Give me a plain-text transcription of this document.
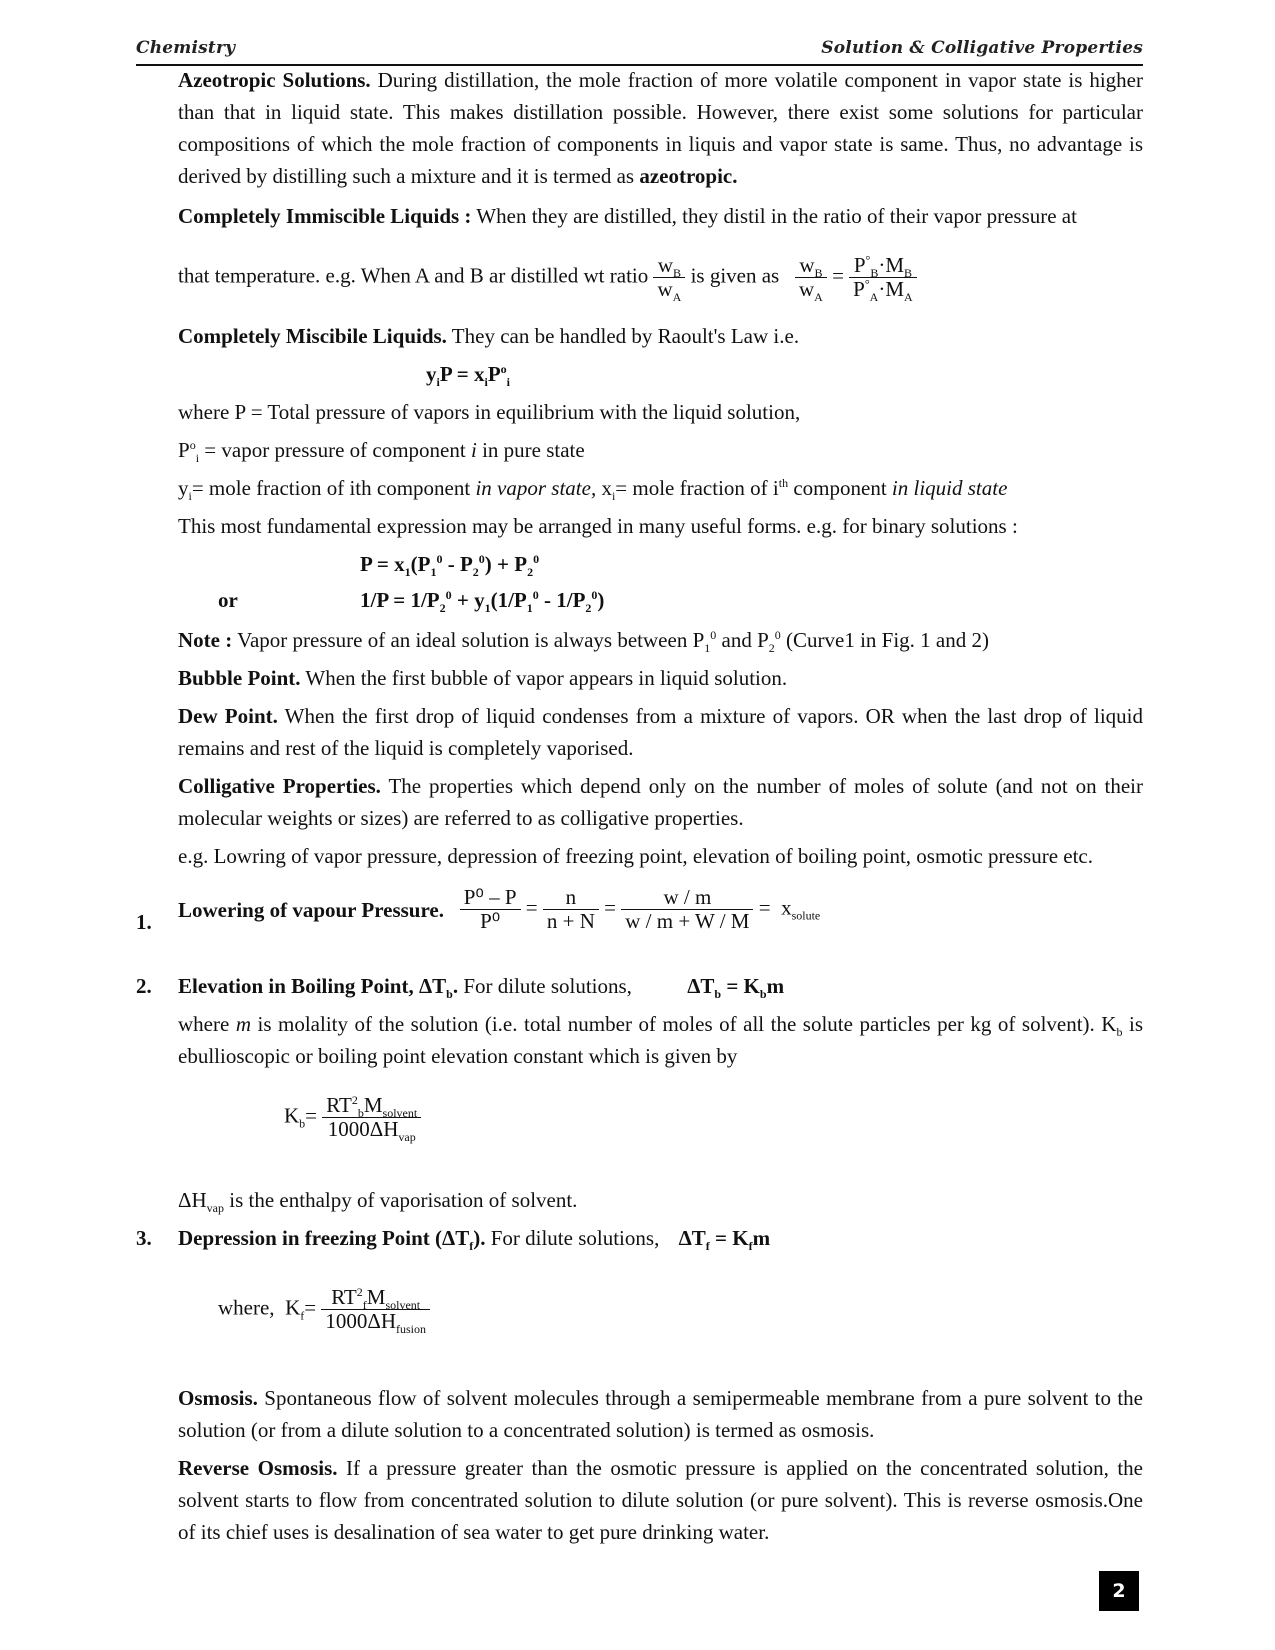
Chemistry	Solution & Colligative Properties
Azeotropic Solutions. During distillation, the mole fraction of more volatile component in vapor state is higher than that in liquid state. This makes distillation possible. However, there exist some solutions for particular compositions of which the mole fraction of components in liquis and vapor state is same. Thus, no advantage is derived by distilling such a mixture and it is termed as azeotropic.
Completely Immiscible Liquids : When they are distilled, they distil in the ratio of their vapor pressure at
that temperature. e.g. When A and B ar distilled wt ratio $\frac{w_B}{w_A}$ is given as $\frac{w_B}{w_A} = \frac{P^\circ_B\cdot M_B}{P^\circ_A\cdot M_A}$
Completely Miscibile Liquids. They can be handled by Raoult's Law i.e.
$y_iP = x_iP^o_i$
where P = Total pressure of vapors in equilibrium with the liquid solution,
$P^o_i$ = vapor pressure of component i in pure state
$y_i=$ mole fraction of ith component in vapor state, $x_i=$ mole fraction of $i^{th}$ component in liquid state
This most fundamental expression may be arranged in many useful forms. e.g. for binary solutions :
$P = x_1(P_1^0 - P_2^0) + P_2^0$
or	$1/P = 1/P_2^0 + y_1(1/P_1^0 - 1/P_2^0)$
Note : Vapor pressure of an ideal solution is always between $P_1^0$ and $P_2^0$ (Curve1 in Fig. 1 and 2)
Bubble Point. When the first bubble of vapor appears in liquid solution.
Dew Point. When the first drop of liquid condenses from a mixture of vapors. OR when the last drop of liquid remains and rest of the liquid is completely vaporised.
Colligative Properties. The properties which depend only on the number of moles of solute (and not on their molecular weights or sizes) are referred to as colligative properties.
e.g. Lowring of vapor pressure, depression of freezing point, elevation of boiling point, osmotic pressure etc.
1.
Lowering of vapour Pressure. $\frac{\text{P⁰ – P}}{\text{P⁰}} = \frac{n}{n + N} = \frac{w / m}{w / m + W / M} = x_{solute}$
2. Elevation in Boiling Point, $\Delta T_b$. For dilute solutions,	$\Delta T_b = K_bm$
where m is molality of the solution (i.e. total number of moles of all the solute particles per kg of solvent). $K_b$ is ebullioscopic or boiling point elevation constant which is given by
$K_b= \frac{RT^2_bM_{solvent}}{1000\Delta H_{vap}}$
$\Delta H_{vap}$ is the enthalpy of vaporisation of solvent.
3. Depression in freezing Point $(\Delta T_f)$. For dilute solutions, $\Delta T_f = K_fm$
where, $K_f= \frac{RT^2_fM_{solvent}}{1000\Delta H_{fusion}}$
Osmosis. Spontaneous flow of solvent molecules through a semipermeable membrane from a pure solvent to the solution (or from a dilute solution to a concentrated solution) is termed as osmosis.
Reverse Osmosis. If a pressure greater than the osmotic pressure is applied on the concentrated solution, the solvent starts to flow from concentrated solution to dilute solution (or pure solvent). This is reverse osmosis.One of its chief uses is desalination of sea water to get pure drinking water.
2
